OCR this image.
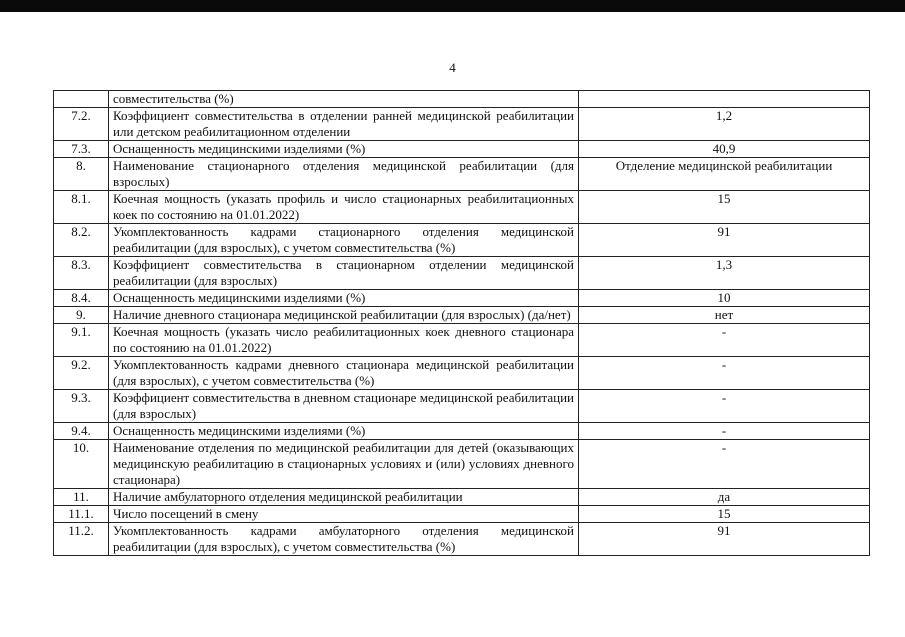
4
	совместительства (%)	
7.2.	Коэффициент совместительства в отделении ранней медицинской реабилитации или детском реабилитационном отделении	1,2
7.3.	Оснащенность медицинскими изделиями (%)	40,9
8.	Наименование стационарного отделения медицинской реабилитации (для взрослых)	Отделение медицинской реабилитации
8.1.	Коечная мощность (указать профиль и число стационарных реабилитационных коек по состоянию на 01.01.2022)	15
8.2.	Укомплектованность кадрами стационарного отделения медицинской реабилитации (для взрослых), с учетом совместительства (%)	91
8.3.	Коэффициент совместительства в стационарном отделении медицинской реабилитации (для взрослых)	1,3
8.4.	Оснащенность медицинскими изделиями (%)	10
9.	Наличие дневного стационара медицинской реабилитации (для взрослых) (да/нет)	нет
9.1.	Коечная мощность (указать число реабилитационных коек дневного стационара по состоянию на 01.01.2022)	-
9.2.	Укомплектованность кадрами дневного стационара медицинской реабилитации (для взрослых), с учетом совместительства (%)	-
9.3.	Коэффициент совместительства в дневном стационаре медицинской реабилитации (для взрослых)	-
9.4.	Оснащенность медицинскими изделиями (%)	-
10.	Наименование отделения по медицинской реабилитации для детей (оказывающих медицинскую реабилитацию в стационарных условиях и (или) условиях дневного стационара)	-
11.	Наличие амбулаторного отделения медицинской реабилитации	да
11.1.	Число посещений в смену	15
11.2.	Укомплектованность кадрами амбулаторного отделения медицинской реабилитации (для взрослых), с учетом совместительства (%)	91
